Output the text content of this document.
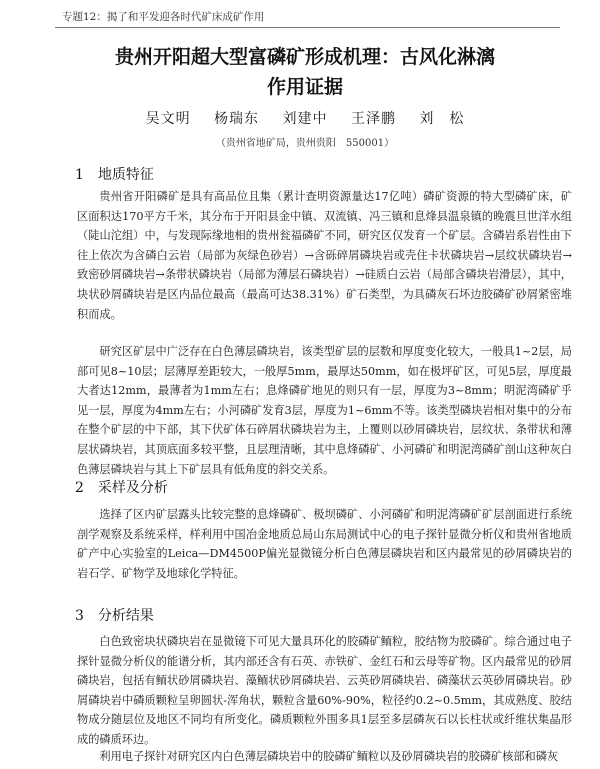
专题12：揭了和平发迎各时代矿床成矿作用
贵州开阳超大型富磷矿形成机理：古风化淋漓
作用证据
吴文明 杨瑞东 刘建中 王泽鹏 刘　松
（贵州省地矿局，贵州贵阳　550001）
1 地质特征

贵州省开阳磷矿是具有高品位且集（累计查明资源量达17亿吨）磷矿资源的特大型磷矿床，矿区面积达170平方千米，其分布于开阳县金中镇、双流镇、冯三镇和息烽县温泉镇的晚震旦世洋水组（陡山沱组）中，与发现际缘地相的贵州瓮福磷矿不同，研究区仅发育一个矿层。含磷岩系岩性由下往上依次为含磷白云岩（局部为灰绿色砂岩）→含砾碎屑磷块岩或壳住卡状磷块岩→层纹状磷块岩→致密砂屑磷块岩→条带状磷块岩（局部为薄层石磷块岩）→硅质白云岩（局部含磷块岩滑层），其中，块状砂屑磷块岩是区内品位最高（最高可达38.31%）矿石类型，为具磷灰石坏边胶磷矿砂屑紧密堆积而成。

研究区矿层中广泛存在白色薄层磷块岩，该类型矿层的层数和厚度变化较大，一般具1~2层，局部可见8~10层；层薄厚差距较大，一般厚5mm，最厚达50mm，如在极坪矿区，可见5层，厚度最大者达12mm，最薄者为1mm左右；息烽磷矿地见的则只有一层，厚度为3~8mm；明泥湾磷矿乎见一层，厚度为4mm左右；小河磷矿发育3层，厚度为1~6mm不等。该类型磷块岩相对集中的分布在整个矿层的中下部，其下伏矿体石碎屑状磷块岩为主，上覆则以砂屑磷块岩，层纹状、条带状和薄层状磷块岩，其顶底面多较平整，且层理清晰，其中息烽磷矿、小河磷矿和明泥湾磷矿剖山这种灰白色薄层磷块岩与其上下矿层具有低角度的斜交关系。

2 采样及分析

选择了区内矿层露头比较完整的息烽磷矿、极坝磷矿、小河磷矿和明泥湾磷矿矿层剖面进行系统剖学观察及系统采样，样利用中国冶金地质总局山东局测试中心的电子探针显微分析仪和贵州省地质矿产中心实验室的Leica—DM4500P偏光显微镜分析白色薄层磷块岩和区内最常见的砂屑磷块岩的岩石学、矿物学及地球化学特征。

3 分析结果

白色致密块状磷块岩在显微镜下可见大量具环化的胶磷矿鲕粒，胶结物为胶磷矿。综合通过电子探针显微分析仪的能谱分析，其内部还含有石英、赤铁矿、金红石和云母等矿物。区内最常见的砂屑磷块岩，包括有鲕状砂屑磷块岩、藻鲕状砂屑磷块岩、云英砂屑磷块岩、磷藻状云英砂屑磷块岩。砂屑磷块岩中磷质颗粒呈卵圆状-浑角状，颗粒含量60%-90%，粒径约0.2~0.5mm，其成熟度、胶结物成分随层位及地区不同均有所变化。磷质颗粒外围多具1层至多层磷灰石以长柱状或纤维状集晶形成的磷质环边。

利用电子探针对研究区内白色薄层磷块岩中的胶磷矿鲕粒以及砂屑磷块岩的胶磷矿核部和磷灰
